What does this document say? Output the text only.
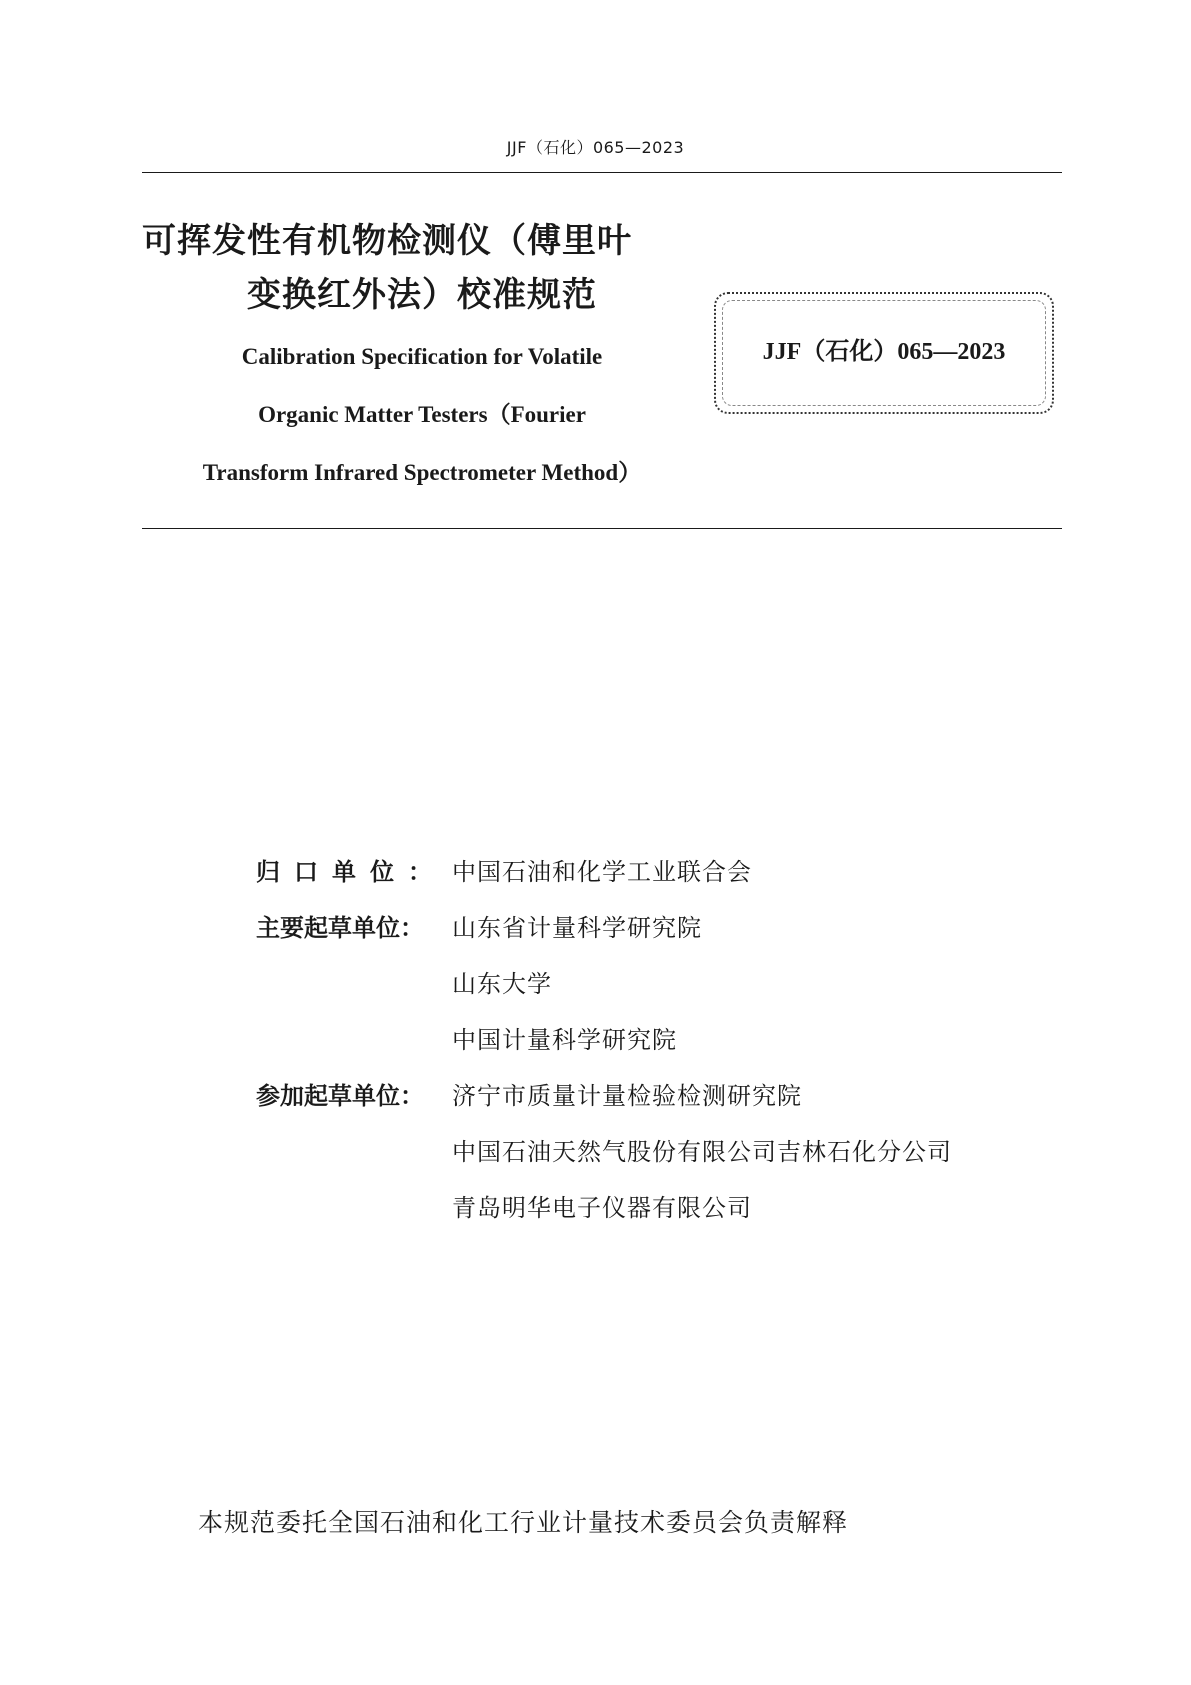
JJF（石化）065—2023
可挥发性有机物检测仪（傅里叶
变换红外法）校准规范
Calibration Specification for Volatile
Organic Matter Testers（Fourier
Transform Infrared Spectrometer Method）
JJF（石化）065—2023
归口单位： 中国石油和化学工业联合会
主要起草单位： 山东省计量科学研究院
山东大学
中国计量科学研究院
参加起草单位： 济宁市质量计量检验检测研究院
中国石油天然气股份有限公司吉林石化分公司
青岛明华电子仪器有限公司
本规范委托全国石油和化工行业计量技术委员会负责解释
